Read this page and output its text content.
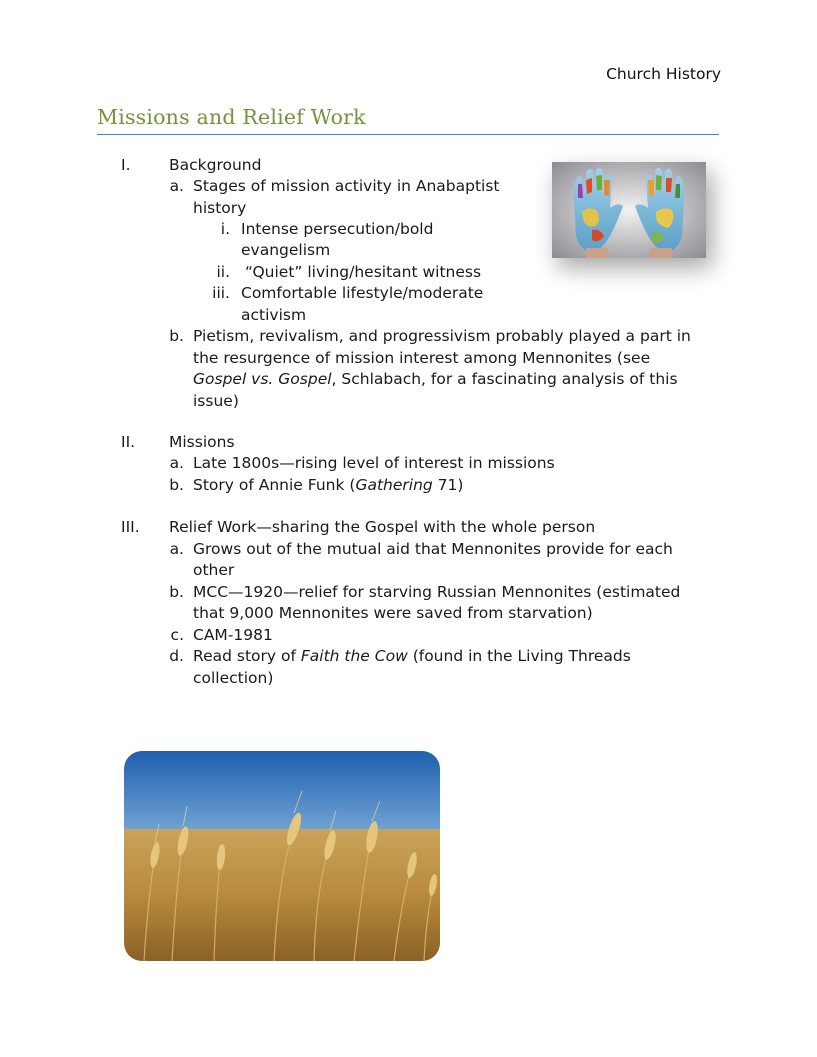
Church History
Missions and Relief Work
I. Background
a. Stages of mission activity in Anabaptist
history
i. Intense persecution/bold
evangelism
ii. “Quiet” living/hesitant witness
iii. Comfortable lifestyle/moderate
activism
b. Pietism, revivalism, and progressivism probably played a part in
the resurgence of mission interest among Mennonites (see
Gospel vs. Gospel, Schlabach, for a fascinating analysis of this
issue)
II. Missions
a. Late 1800s—rising level of interest in missions
b. Story of Annie Funk (Gathering 71)
III. Relief Work—sharing the Gospel with the whole person
a. Grows out of the mutual aid that Mennonites provide for each
other
b. MCC—1920—relief for starving Russian Mennonites (estimated
that 9,000 Mennonites were saved from starvation)
c. CAM-1981
d. Read story of Faith the Cow (found in the Living Threads
collection)
